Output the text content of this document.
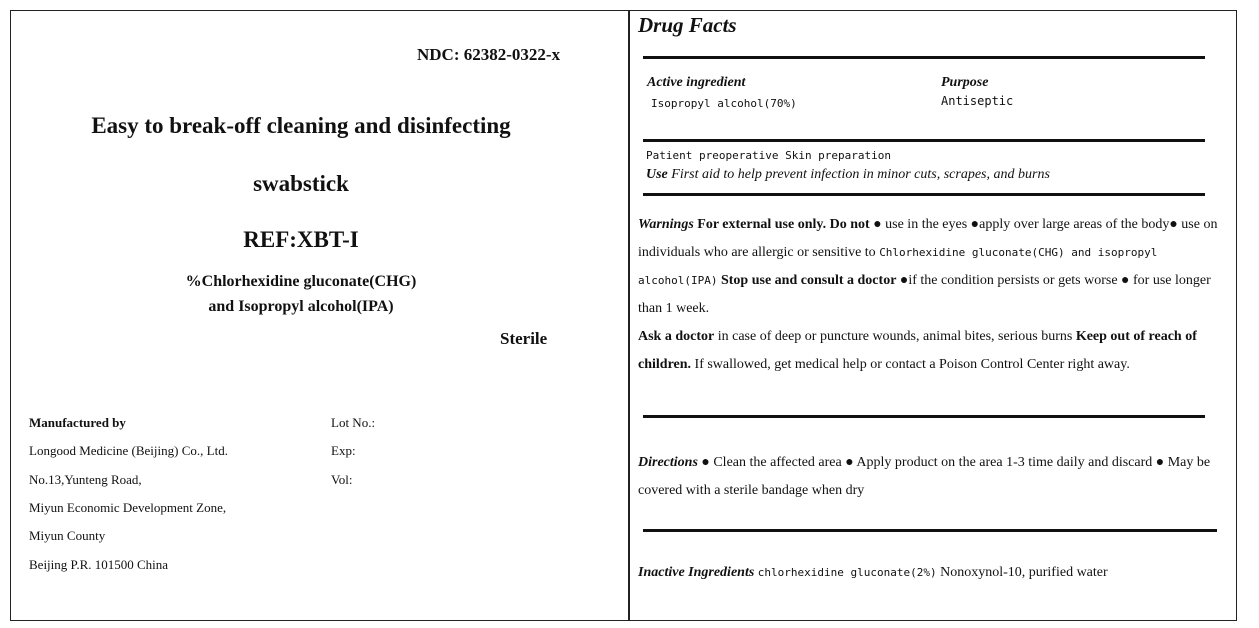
NDC: 62382-0322-x
Easy to break-off cleaning and disinfecting
swabstick
REF:XBT-I
%Chlorhexidine gluconate(CHG)
and Isopropyl alcohol(IPA)
Sterile
Manufactured by
Longood Medicine (Beijing) Co., Ltd.
No.13,Yunteng Road,
Miyun Economic Development Zone,
Miyun County
Beijing P.R. 101500 China
Lot No.:
Exp:
Vol:
Drug Facts
Active ingredient
Isopropyl alcohol(70%)
Purpose
Antiseptic
Patient preoperative Skin preparation
Use First aid to help prevent infection in minor cuts, scrapes, and burns
Warnings For external use only. Do not ● use in the eyes ●apply over large areas of the body● use on individuals who are allergic or sensitive to Chlorhexidine gluconate(CHG) and isopropyl alcohol(IPA) Stop use and consult a doctor ●if the condition persists or gets worse ● for use longer than 1 week.
Ask a doctor in case of deep or puncture wounds, animal bites, serious burns Keep out of reach of children. If swallowed, get medical help or contact a Poison Control Center right away.
Directions ● Clean the affected area ● Apply product on the area 1-3 time daily and discard ● May be covered with a sterile bandage when dry
Inactive Ingredients chlorhexidine gluconate(2%) Nonoxynol-10, purified water
